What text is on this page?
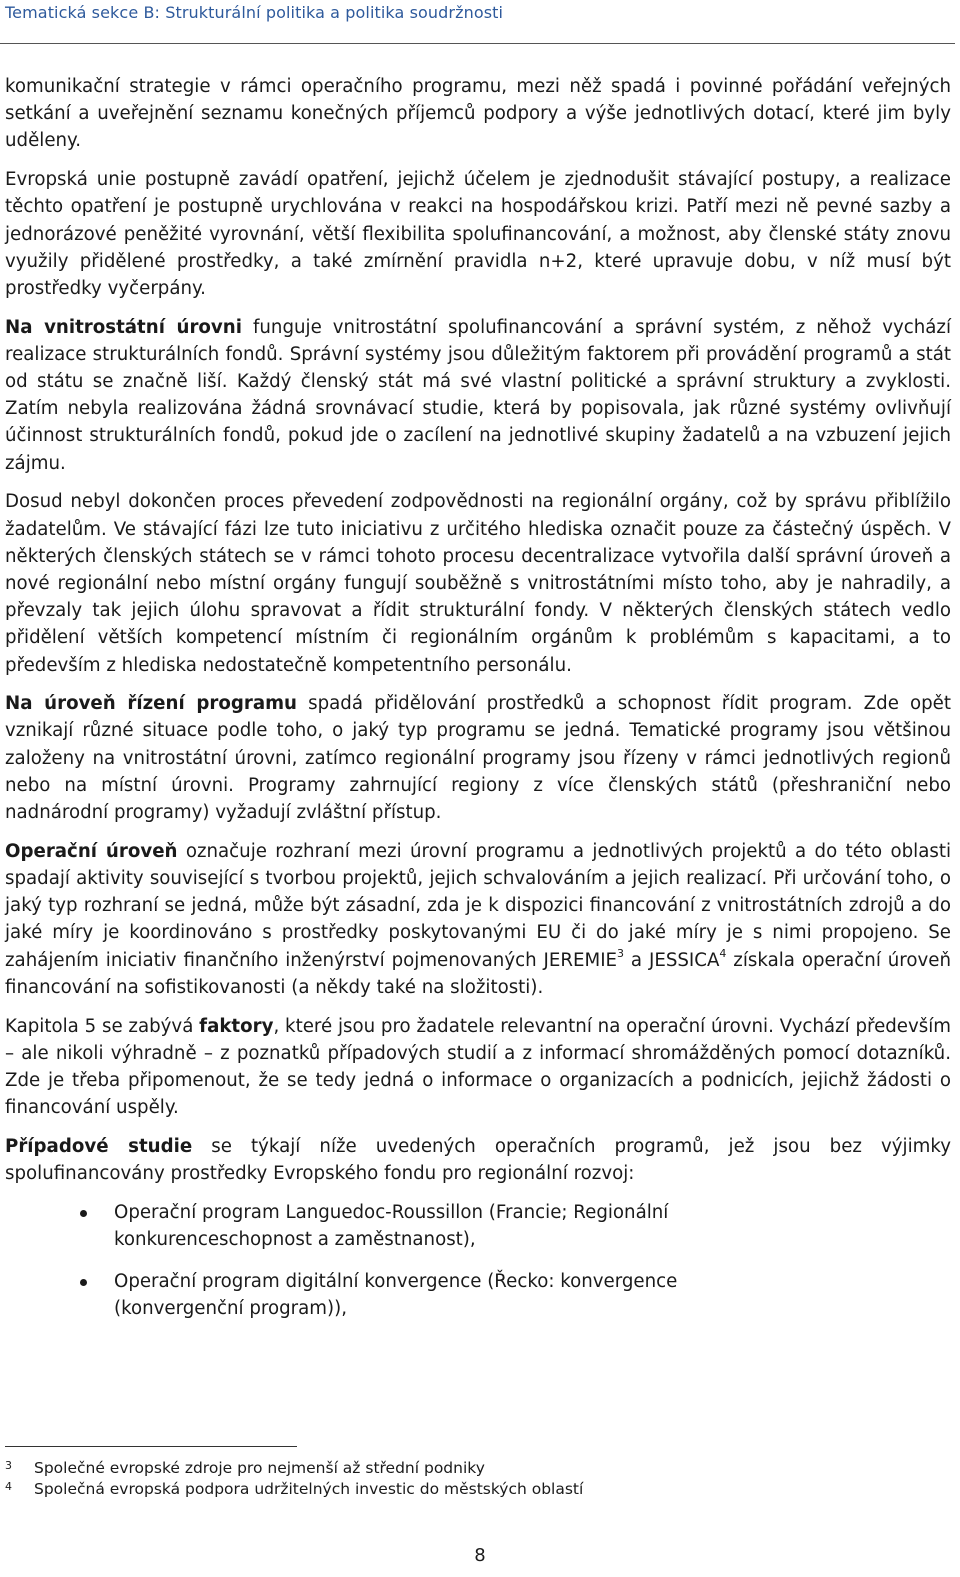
Tematická sekce B: Strukturální politika a politika soudržnosti

komunikační strategie v rámci operačního programu, mezi něž spadá i povinné pořádání veřejných setkání a uveřejnění seznamu konečných příjemců podpory a výše jednotlivých dotací, které jim byly uděleny.

Evropská unie postupně zavádí opatření, jejichž účelem je zjednodušit stávající postupy, a realizace těchto opatření je postupně urychlována v reakci na hospodářskou krizi. Patří mezi ně pevné sazby a jednorázové peněžité vyrovnání, větší flexibilita spolufinancování, a možnost, aby členské státy znovu využily přidělené prostředky, a také zmírnění pravidla n+2, které upravuje dobu, v níž musí být prostředky vyčerpány.

Na vnitrostátní úrovni funguje vnitrostátní spolufinancování a správní systém, z něhož vychází realizace strukturálních fondů. Správní systémy jsou důležitým faktorem při provádění programů a stát od státu se značně liší. Každý členský stát má své vlastní politické a správní struktury a zvyklosti. Zatím nebyla realizována žádná srovnávací studie, která by popisovala, jak různé systémy ovlivňují účinnost strukturálních fondů, pokud jde o zacílení na jednotlivé skupiny žadatelů a na vzbuzení jejich zájmu.

Dosud nebyl dokončen proces převedení zodpovědnosti na regionální orgány, což by správu přiblížilo žadatelům. Ve stávající fázi lze tuto iniciativu z určitého hlediska označit pouze za částečný úspěch. V některých členských státech se v rámci tohoto procesu decentralizace vytvořila další správní úroveň a nové regionální nebo místní orgány fungují souběžně s vnitrostátními místo toho, aby je nahradily, a převzaly tak jejich úlohu spravovat a řídit strukturální fondy. V některých členských státech vedlo přidělení větších kompetencí místním či regionálním orgánům k problémům s kapacitami, a to především z hlediska nedostatečně kompetentního personálu.

Na úroveň řízení programu spadá přidělování prostředků a schopnost řídit program. Zde opět vznikají různé situace podle toho, o jaký typ programu se jedná. Tematické programy jsou většinou založeny na vnitrostátní úrovni, zatímco regionální programy jsou řízeny v rámci jednotlivých regionů nebo na místní úrovni. Programy zahrnující regiony z více členských států (přeshraniční nebo nadnárodní programy) vyžadují zvláštní přístup.

Operační úroveň označuje rozhraní mezi úrovní programu a jednotlivých projektů a do této oblasti spadají aktivity související s tvorbou projektů, jejich schvalováním a jejich realizací. Při určování toho, o jaký typ rozhraní se jedná, může být zásadní, zda je k dispozici financování z vnitrostátních zdrojů a do jaké míry je koordinováno s prostředky poskytovanými EU či do jaké míry je s nimi propojeno. Se zahájením iniciativ finančního inženýrství pojmenovaných JEREMIE$^3$ a JESSICA$^4$ získala operační úroveň financování na sofistikovanosti (a někdy také na složitosti).

Kapitola 5 se zabývá faktory, které jsou pro žadatele relevantní na operační úrovni. Vychází především – ale nikoli výhradně – z poznatků případových studií a z informací shromážděných pomocí dotazníků. Zde je třeba připomenout, že se tedy jedná o informace o organizacích a podnicích, jejichž žádosti o financování uspěly.

Případové studie se týkají níže uvedených operačních programů, jež jsou bez výjimky spolufinancovány prostředky Evropského fondu pro regionální rozvoj:

Operační program Languedoc-Roussillon (Francie; Regionální konkurenceschopnost a zaměstnanost),
Operační program digitální konvergence (Řecko: konvergence (konvergenční program)),
3 Společné evropské zdroje pro nejmenší až střední podniky
4 Společná evropská podpora udržitelných investic do městských oblastí
8
